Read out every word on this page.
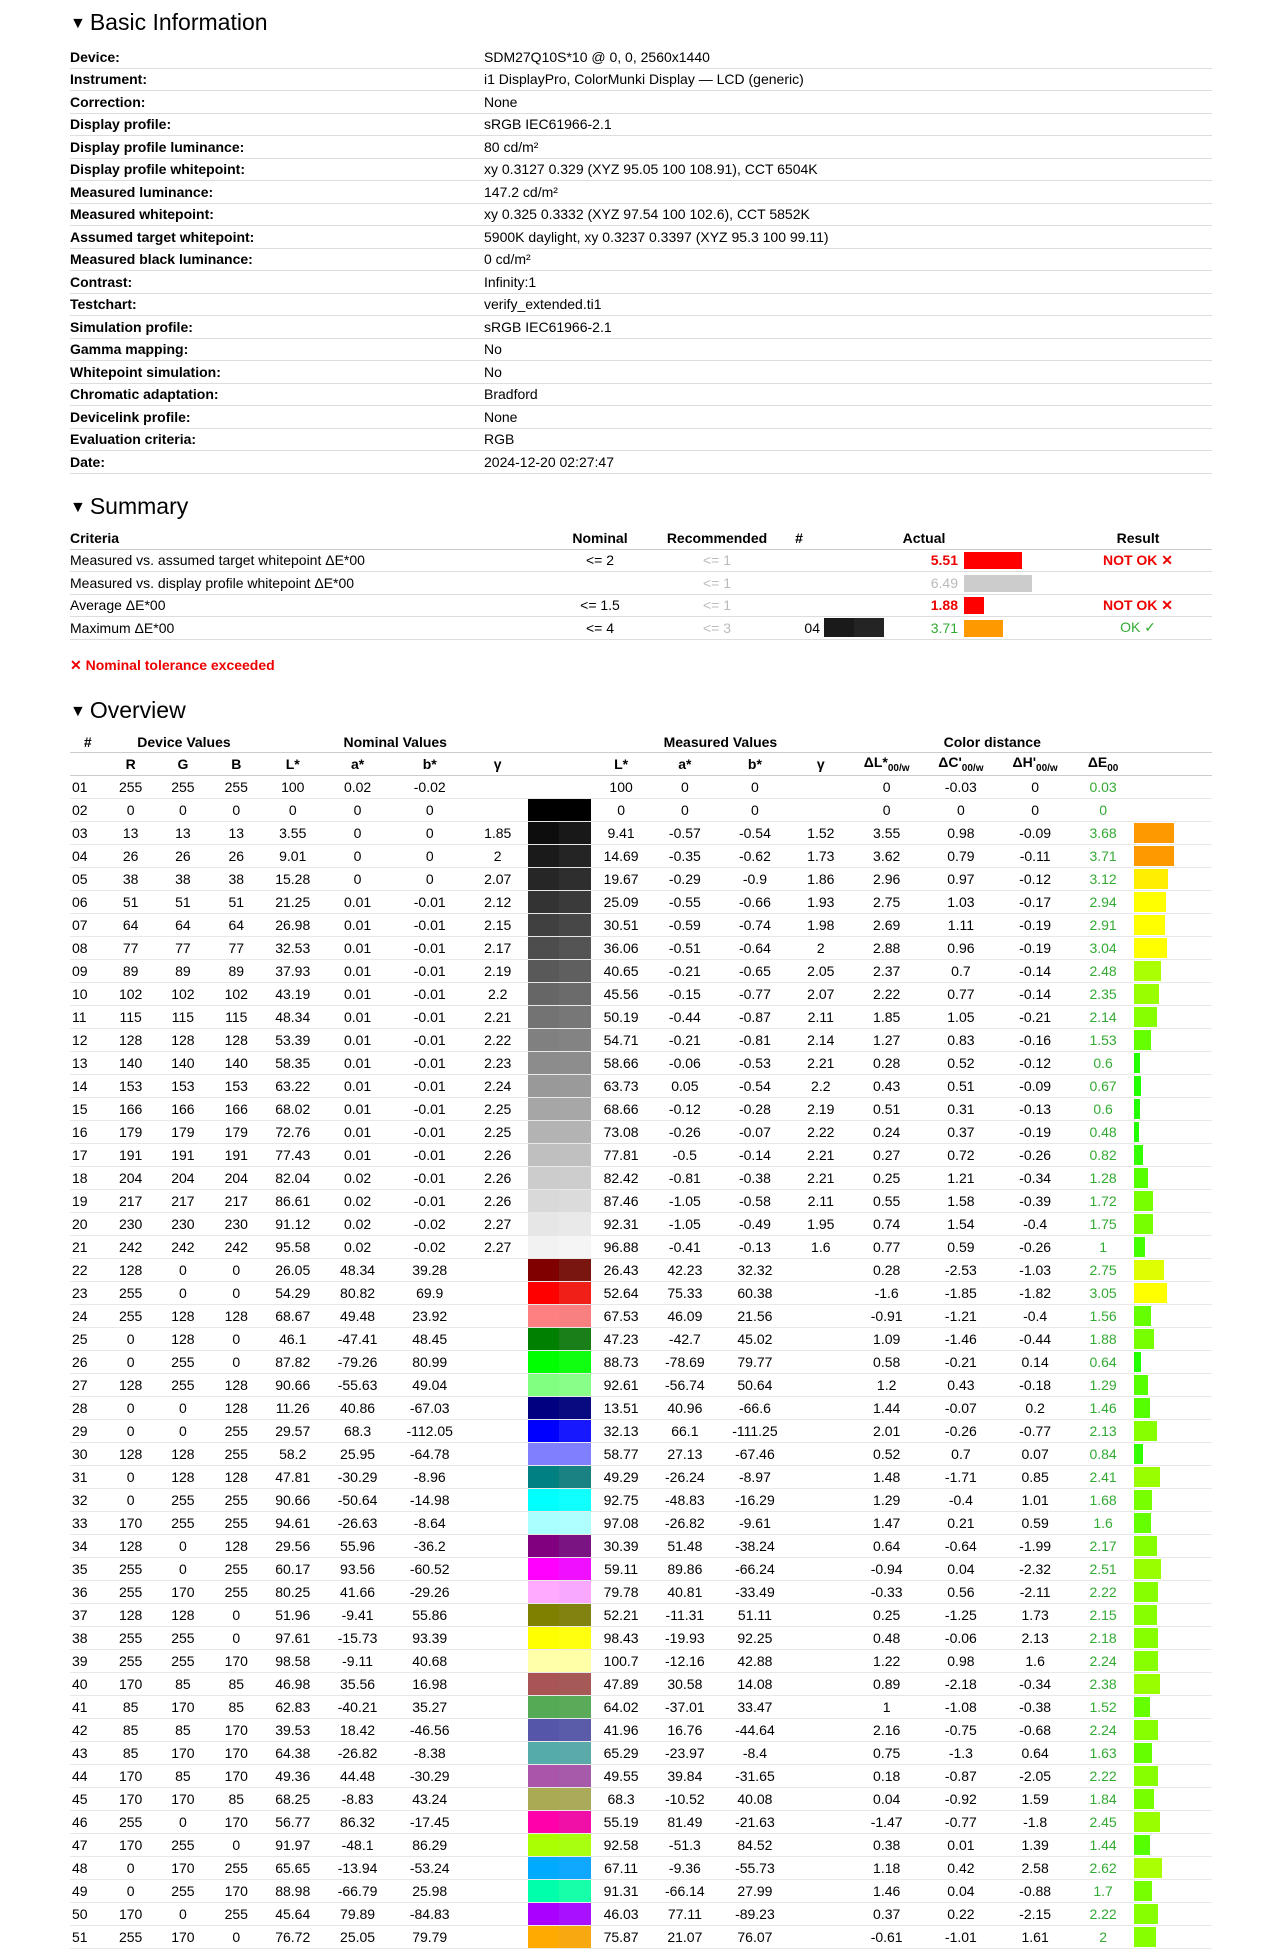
▼ Basic Information
Device:	SDM27Q10S*10 @ 0, 0, 2560x1440
Instrument:	i1 DisplayPro, ColorMunki Display — LCD (generic)
Correction:	None
Display profile:	sRGB IEC61966-2.1
Display profile luminance:	80 cd/m²
Display profile whitepoint:	xy 0.3127 0.329 (XYZ 95.05 100 108.91), CCT 6504K
Measured luminance:	147.2 cd/m²
Measured whitepoint:	xy 0.325 0.3332 (XYZ 97.54 100 102.6), CCT 5852K
Assumed target whitepoint:	5900K daylight, xy 0.3237 0.3397 (XYZ 95.3 100 99.11)
Measured black luminance:	0 cd/m²
Contrast:	Infinity:1
Testchart:	verify_extended.ti1
Simulation profile:	sRGB IEC61966-2.1
Gamma mapping:	No
Whitepoint simulation:	No
Chromatic adaptation:	Bradford
Devicelink profile:	None
Evaluation criteria:	RGB
Date:	2024-12-20 02:27:47
▼ Summary
Criteria	Nominal	Recommended	#		Actual		Result
Measured vs. assumed target whitepoint ΔE*00	<= 2	<= 1			5.51		NOT OK ✕
Measured vs. display profile whitepoint ΔE*00		<= 1			6.49		
Average ΔE*00	<= 1.5	<= 1			1.88		NOT OK ✕
Maximum ΔE*00	<= 4	<= 3	04		3.71		OK ✓
✕ Nominal tolerance exceeded
▼ Overview
#	Device Values			Nominal Values						Measured Values				Color distance				
	R	G	B	L*	a*	b*	γ			L*	a*	b*	γ	$\Delta L*_{00/w}$	$\Delta C'_{00/w}$	$\Delta H'_{00/w}$	$\Delta E_{00}$	
01	255	255	255	100	0.02	-0.02				100	0	0		0	-0.03	0	0.03	

02	0	0	0	0	0	0				0	0	0		0	0	0	0	

03	13	13	13	3.55	0	0	1.85			9.41	-0.57	-0.54	1.52	3.55	0.98	-0.09	3.68	

04	26	26	26	9.01	0	0	2			14.69	-0.35	-0.62	1.73	3.62	0.79	-0.11	3.71	

05	38	38	38	15.28	0	0	2.07			19.67	-0.29	-0.9	1.86	2.96	0.97	-0.12	3.12	

06	51	51	51	21.25	0.01	-0.01	2.12			25.09	-0.55	-0.66	1.93	2.75	1.03	-0.17	2.94	

07	64	64	64	26.98	0.01	-0.01	2.15			30.51	-0.59	-0.74	1.98	2.69	1.11	-0.19	2.91	

08	77	77	77	32.53	0.01	-0.01	2.17			36.06	-0.51	-0.64	2	2.88	0.96	-0.19	3.04	

09	89	89	89	37.93	0.01	-0.01	2.19			40.65	-0.21	-0.65	2.05	2.37	0.7	-0.14	2.48	

10	102	102	102	43.19	0.01	-0.01	2.2			45.56	-0.15	-0.77	2.07	2.22	0.77	-0.14	2.35	

11	115	115	115	48.34	0.01	-0.01	2.21			50.19	-0.44	-0.87	2.11	1.85	1.05	-0.21	2.14	

12	128	128	128	53.39	0.01	-0.01	2.22			54.71	-0.21	-0.81	2.14	1.27	0.83	-0.16	1.53	

13	140	140	140	58.35	0.01	-0.01	2.23			58.66	-0.06	-0.53	2.21	0.28	0.52	-0.12	0.6	

14	153	153	153	63.22	0.01	-0.01	2.24			63.73	0.05	-0.54	2.2	0.43	0.51	-0.09	0.67	

15	166	166	166	68.02	0.01	-0.01	2.25			68.66	-0.12	-0.28	2.19	0.51	0.31	-0.13	0.6	

16	179	179	179	72.76	0.01	-0.01	2.25			73.08	-0.26	-0.07	2.22	0.24	0.37	-0.19	0.48	

17	191	191	191	77.43	0.01	-0.01	2.26			77.81	-0.5	-0.14	2.21	0.27	0.72	-0.26	0.82	

18	204	204	204	82.04	0.02	-0.01	2.26			82.42	-0.81	-0.38	2.21	0.25	1.21	-0.34	1.28	

19	217	217	217	86.61	0.02	-0.01	2.26			87.46	-1.05	-0.58	2.11	0.55	1.58	-0.39	1.72	

20	230	230	230	91.12	0.02	-0.02	2.27			92.31	-1.05	-0.49	1.95	0.74	1.54	-0.4	1.75	

21	242	242	242	95.58	0.02	-0.02	2.27			96.88	-0.41	-0.13	1.6	0.77	0.59	-0.26	1	

22	128	0	0	26.05	48.34	39.28				26.43	42.23	32.32		0.28	-2.53	-1.03	2.75	

23	255	0	0	54.29	80.82	69.9				52.64	75.33	60.38		-1.6	-1.85	-1.82	3.05	

24	255	128	128	68.67	49.48	23.92				67.53	46.09	21.56		-0.91	-1.21	-0.4	1.56	

25	0	128	0	46.1	-47.41	48.45				47.23	-42.7	45.02		1.09	-1.46	-0.44	1.88	

26	0	255	0	87.82	-79.26	80.99				88.73	-78.69	79.77		0.58	-0.21	0.14	0.64	

27	128	255	128	90.66	-55.63	49.04				92.61	-56.74	50.64		1.2	0.43	-0.18	1.29	

28	0	0	128	11.26	40.86	-67.03				13.51	40.96	-66.6		1.44	-0.07	0.2	1.46	

29	0	0	255	29.57	68.3	-112.05				32.13	66.1	-111.25		2.01	-0.26	-0.77	2.13	

30	128	128	255	58.2	25.95	-64.78				58.77	27.13	-67.46		0.52	0.7	0.07	0.84	

31	0	128	128	47.81	-30.29	-8.96				49.29	-26.24	-8.97		1.48	-1.71	0.85	2.41	

32	0	255	255	90.66	-50.64	-14.98				92.75	-48.83	-16.29		1.29	-0.4	1.01	1.68	

33	170	255	255	94.61	-26.63	-8.64				97.08	-26.82	-9.61		1.47	0.21	0.59	1.6	

34	128	0	128	29.56	55.96	-36.2				30.39	51.48	-38.24		0.64	-0.64	-1.99	2.17	

35	255	0	255	60.17	93.56	-60.52				59.11	89.86	-66.24		-0.94	0.04	-2.32	2.51	

36	255	170	255	80.25	41.66	-29.26				79.78	40.81	-33.49		-0.33	0.56	-2.11	2.22	

37	128	128	0	51.96	-9.41	55.86				52.21	-11.31	51.11		0.25	-1.25	1.73	2.15	

38	255	255	0	97.61	-15.73	93.39				98.43	-19.93	92.25		0.48	-0.06	2.13	2.18	

39	255	255	170	98.58	-9.11	40.68				100.7	-12.16	42.88		1.22	0.98	1.6	2.24	

40	170	85	85	46.98	35.56	16.98				47.89	30.58	14.08		0.89	-2.18	-0.34	2.38	

41	85	170	85	62.83	-40.21	35.27				64.02	-37.01	33.47		1	-1.08	-0.38	1.52	

42	85	85	170	39.53	18.42	-46.56				41.96	16.76	-44.64		2.16	-0.75	-0.68	2.24	

43	85	170	170	64.38	-26.82	-8.38				65.29	-23.97	-8.4		0.75	-1.3	0.64	1.63	

44	170	85	170	49.36	44.48	-30.29				49.55	39.84	-31.65		0.18	-0.87	-2.05	2.22	

45	170	170	85	68.25	-8.83	43.24				68.3	-10.52	40.08		0.04	-0.92	1.59	1.84	

46	255	0	170	56.77	86.32	-17.45				55.19	81.49	-21.63		-1.47	-0.77	-1.8	2.45	

47	170	255	0	91.97	-48.1	86.29				92.58	-51.3	84.52		0.38	0.01	1.39	1.44	

48	0	170	255	65.65	-13.94	-53.24				67.11	-9.36	-55.73		1.18	0.42	2.58	2.62	

49	0	255	170	88.98	-66.79	25.98				91.31	-66.14	27.99		1.46	0.04	-0.88	1.7	

50	170	0	255	45.64	79.89	-84.83				46.03	77.11	-89.23		0.37	0.22	-2.15	2.22	

51	255	170	0	76.72	25.05	79.79				75.87	21.07	76.07		-0.61	-1.01	1.61	2	
